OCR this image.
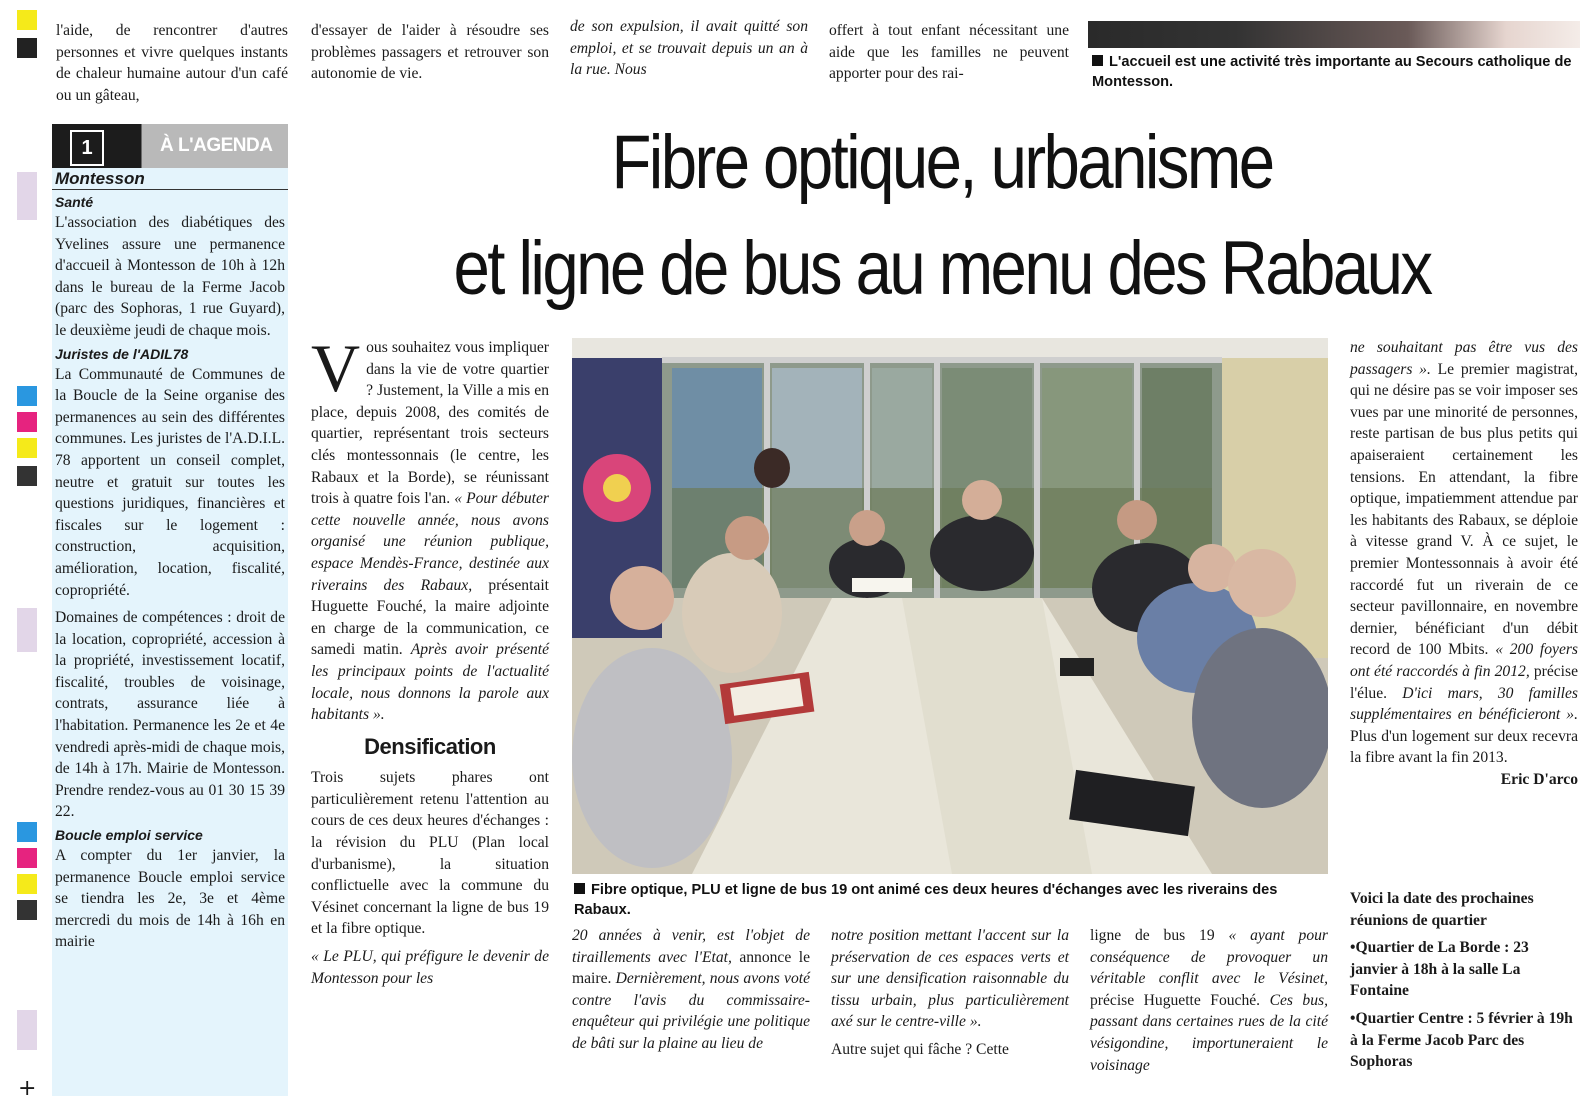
+

l'aide, de rencontrer d'autres personnes et vivre quelques instants de chaleur humaine autour d'un café ou un gâteau,

d'essayer de l'aider à résoudre ses problèmes passagers et retrouver son autonomie de vie.

de son expulsion, il avait quitté son emploi, et se trouvait depuis un an à la rue. Nous

offert à tout enfant nécessitant une aide que les familles ne peuvent apporter pour des rai-

L'accueil est une activité très importante au Secours catholique de Montesson.
À L'AGENDA
1
Montesson
Santé

L'association des diabétiques des Yvelines assure une permanence d'accueil à Montesson de 10h à 12h dans le bureau de la Ferme Jacob (parc des Sophoras, 1 rue Guyard), le deuxième jeudi de chaque mois.

Juristes de l'ADIL78

La Communauté de Communes de la Boucle de la Seine organise des permanences au sein des différentes communes. Les juristes de l'A.D.I.L. 78 apportent un conseil complet, neutre et gratuit sur toutes les questions juridiques, financières et fiscales sur le logement : construction, acquisition, amélioration, location, fiscalité, copropriété.

Domaines de compétences : droit de la location, copropriété, accession à la propriété, investissement locatif, fiscalité, troubles de voisinage, contrats, assurance liée à l'habitation. Permanence les 2e et 4e vendredi après-midi de chaque mois, de 14h à 17h. Mairie de Montesson. Prendre rendez-vous au 01 30 15 39 22.

Boucle emploi service

A compter du 1er janvier, la permanence Boucle emploi service se tiendra les 2e, 3e et 4ème mercredi du mois de 14h à 16h en mairie

Fibre optique, urbanisme
et ligne de bus au menu des Rabaux

V ous souhaitez vous impliquer dans la vie de votre quartier ? Justement, la Ville a mis en place, depuis 2008, des comités de quartier, représentant trois secteurs clés montessonnais (le centre, les Rabaux et la Borde), se réunissant trois à quatre fois l'an. « Pour débuter cette nouvelle année, nous avons organisé une réunion publique, espace Mendès-France, destinée aux riverains des Rabaux, présentait Huguette Fouché, la maire adjointe en charge de la communication, ce samedi matin. Après avoir présenté les principaux points de l'actualité locale, nous donnons la parole aux habitants ».

Densification

Trois sujets phares ont particulièrement retenu l'attention au cours de ces deux heures d'échanges : la révision du PLU (Plan local d'urbanisme), la situation conflictuelle avec la commune du Vésinet concernant la ligne de bus 19 et la fibre optique.

« Le PLU, qui préfigure le devenir de Montesson pour les

Fibre optique, PLU et ligne de bus 19 ont animé ces deux heures d'échanges avec les riverains des Rabaux.

20 années à venir, est l'objet de tiraillements avec l'Etat, annonce le maire. Dernièrement, nous avons voté contre l'avis du commissaire-enquêteur qui privilégie une politique de bâti sur la plaine au lieu de

notre position mettant l'accent sur la préservation de ces espaces verts et sur une densification raisonnable du tissu urbain, plus particulièrement axé sur le centre-ville ».

Autre sujet qui fâche ? Cette

ligne de bus 19 « ayant pour conséquence de provoquer un véritable conflit avec le Vésinet, précise Huguette Fouché. Ces bus, passant dans certaines rues de la cité vésigondine, importuneraient le voisinage

ne souhaitant pas être vus des passagers ». Le premier magistrat, qui ne désire pas se voir imposer ses vues par une minorité de personnes, reste partisan de bus plus petits qui apaiseraient certainement les tensions. En attendant, la fibre optique, impatiemment attendue par les habitants des Rabaux, se déploie à vitesse grand V. À ce sujet, le premier Montessonnais à avoir été raccordé fut un riverain de ce secteur pavillonnaire, en novembre dernier, bénéficiant d'un débit record de 100 Mbits. « 200 foyers ont été raccordés à fin 2012, précise l'élue. D'ici mars, 30 familles supplémentaires en bénéficieront ». Plus d'un logement sur deux recevra la fibre avant la fin 2013.

Eric D'arco

Voici la date des prochaines réunions de quartier

•Quartier de La Borde : 23 janvier à 18h à la salle La Fontaine

•Quartier Centre : 5 février à 19h à la Ferme Jacob Parc des Sophoras
